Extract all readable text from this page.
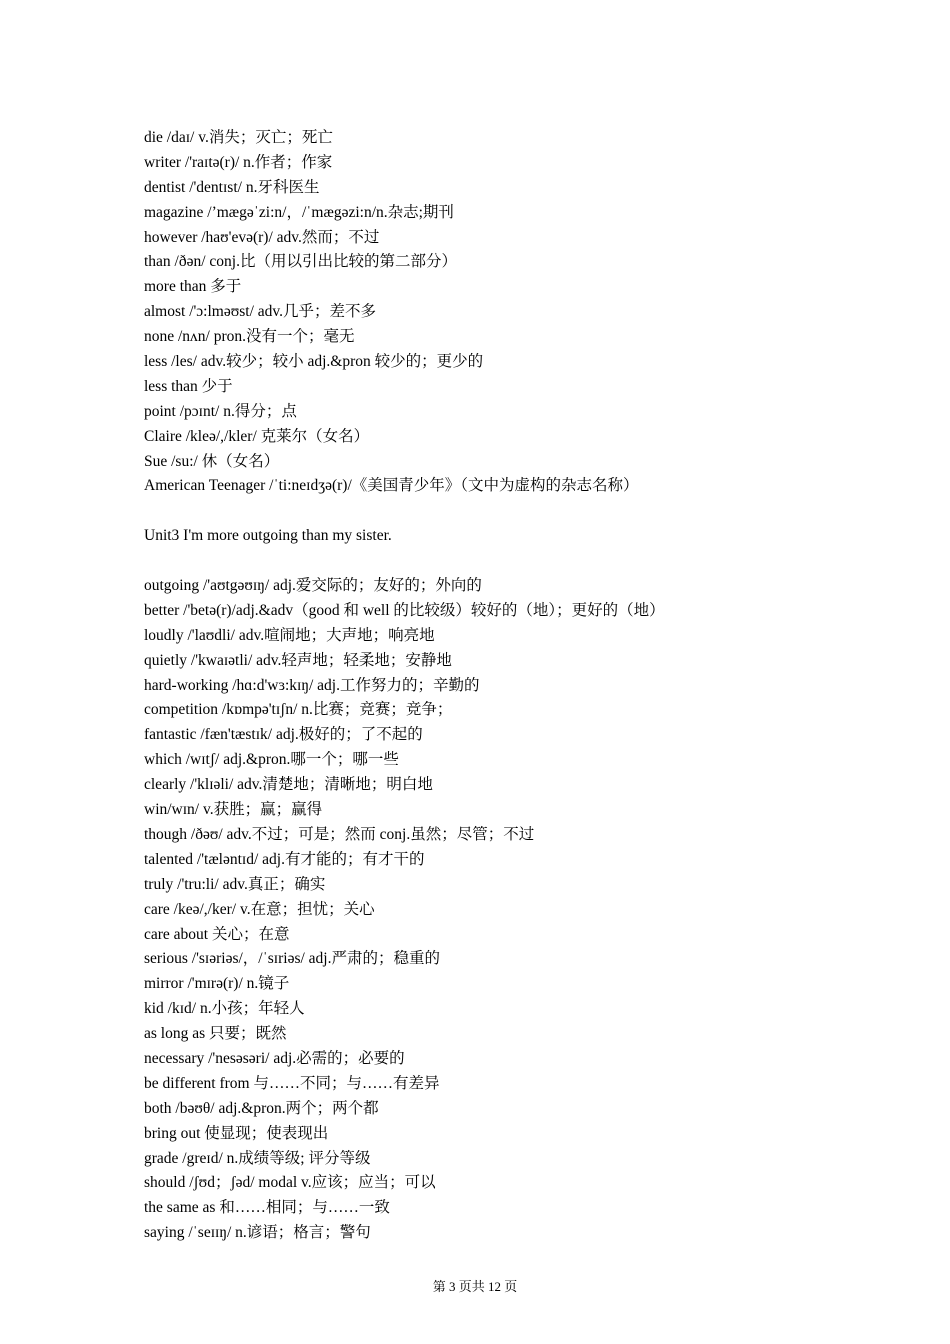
die /daɪ/ v.消失；灭亡；死亡
writer /'raɪtə(r)/ n.作者；作家
dentist /'dentɪst/ n.牙科医生
magazine /’mægəˈzi:n/，/ˈmægəzi:n/n.杂志;期刊
however /haʊ'evə(r)/ adv.然而；不过
than /ðən/ conj.比（用以引出比较的第二部分）
more than 多于
almost /'ɔ:lməʊst/ adv.几乎；差不多
none /nʌn/ pron.没有一个；毫无
less /les/ adv.较少；较小 adj.&pron 较少的；更少的
less than 少于
point /pɔɪnt/ n.得分；点
Claire /kleə/,/kler/ 克莱尔（女名）
Sue /su:/ 休（女名）
American Teenager /ˈti:neɪdʒə(r)/《美国青少年》（文中为虚构的杂志名称）
Unit3 I'm more outgoing than my sister.
outgoing /'aʊtgəʊɪŋ/ adj.爱交际的；友好的；外向的
better /'betə(r)/adj.&adv（good 和 well 的比较级）较好的（地）；更好的（地）
loudly /'laʊdli/ adv.喧闹地；大声地；响亮地
quietly /'kwaɪətli/ adv.轻声地；轻柔地；安静地
hard-working /hɑ:d'wɜ:kɪŋ/ adj.工作努力的；辛勤的
competition /kɒmpə'tɪʃn/ n.比赛；竞赛；竞争；
fantastic /fæn'tæstɪk/ adj.极好的；了不起的
which /wɪtʃ/ adj.&pron.哪一个；哪一些
clearly /'klɪəli/ adv.清楚地；清晰地；明白地
win/wɪn/ v.获胜；赢；赢得
though /ðəʊ/ adv.不过；可是；然而 conj.虽然；尽管；不过
talented /'tæləntɪd/ adj.有才能的；有才干的
truly /'tru:li/ adv.真正；确实
care /keə/,/ker/ v.在意；担忧；关心
care about 关心；在意
serious /'sɪəriəs/，/ˈsɪriəs/ adj.严肃的；稳重的
mirror /'mɪrə(r)/ n.镜子
kid /kɪd/ n.小孩；年轻人
as long as 只要；既然
necessary /'nesəsəri/ adj.必需的；必要的
be different from 与……不同；与……有差异
both /bəʊθ/ adj.&pron.两个；两个都
bring out 使显现；使表现出
grade /greɪd/ n.成绩等级; 评分等级
should /ʃʊd；ʃəd/ modal v.应该；应当；可以
the same as 和……相同；与……一致
saying /ˈseɪɪŋ/ n.谚语；格言；警句
第 3 页共 12 页
